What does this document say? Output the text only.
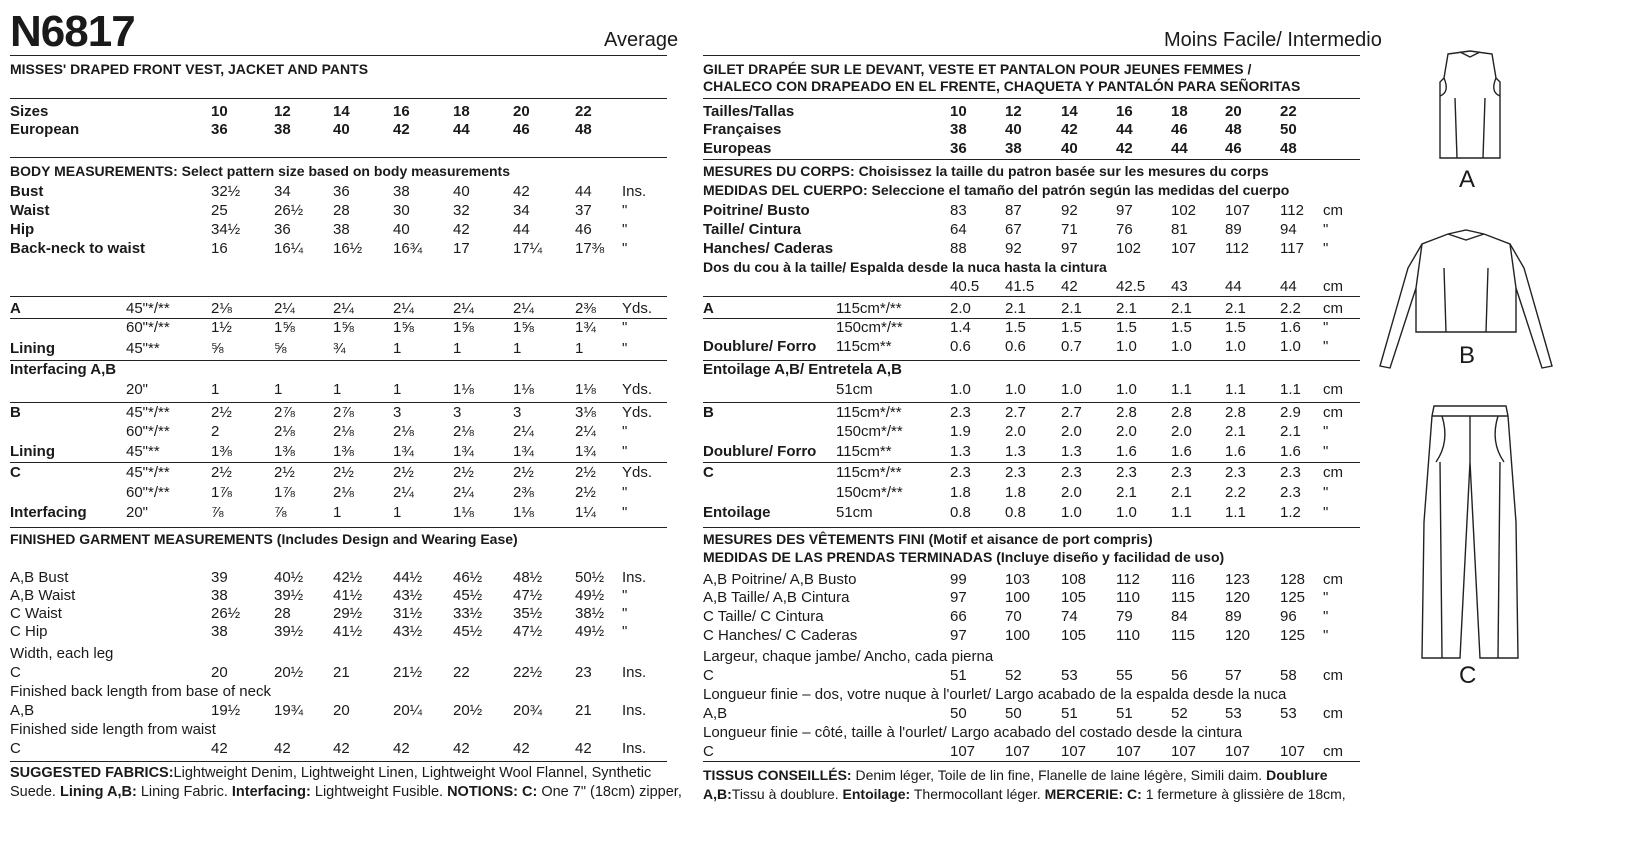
N6817	Average	Moins Facile/ Intermedio
MISSES' DRAPED FRONT VEST, JACKET AND PANTS
Sizes	10	12	14	16	18	20	22
European	36	38	40	42	44	46	48
BODY MEASUREMENTS: Select pattern size based on body measurements
Bust	32½ 34	36	38	40	42	44 Ins.
Waist	25	26½ 28	30	32	34	37 "
Hip	34½ 36	38	40	42	44	46 "
Back-neck to waist	16	16¼ 16½ 16¾ 17	17¼ 17⅜ "
A	45"*/**	2⅛	2¼	2¼	2¼	2¼	2¼	2⅜ Yds.
60"*/**	1½	1⅝	1⅝	1⅝	1⅝	1⅝	1¾ "
Lining	45"**	⅝	⅝	¾	1	1	1	1	"
Interfacing A,B
20"	1	1	1	1	1⅛	1⅛	1⅛ Yds.
B	45"*/**	2½	2⅞	2⅞	3	3	3	3⅛ Yds.
60"*/**	2	2⅛	2⅛	2⅛	2⅛	2¼	2¼ "
Lining	45"**	1⅜	1⅜	1⅜	1¾	1¾	1¾	1¾ "
C	45"*/**	2½	2½	2½	2½	2½	2½	2½ Yds.
60"*/**	1⅞	1⅞	2⅛	2¼	2¼	2⅜	2½ "
Interfacing	20"	⅞	⅞	1	1	1⅛	1⅛	1¼ "
FINISHED GARMENT MEASUREMENTS (Includes Design and Wearing Ease)
A,B Bust	39	40½ 42½ 44½ 46½ 48½ 50½ Ins.
A,B Waist	38	39½ 41½ 43½ 45½ 47½ 49½ "
C Waist	26½ 28	29½ 31½ 33½ 35½ 38½ "
C Hip	38	39½ 41½ 43½ 45½ 47½ 49½ "
Width, each leg
C	20	20½ 21	21½ 22	22½ 23 Ins.
Finished back length from base of neck
A,B	19½ 19¾ 20	20¼ 20½ 20¾ 21 Ins.
Finished side length from waist
C	42	42	42	42	42	42	42 Ins.
SUGGESTED FABRICS:Lightweight Denim, Lightweight Linen, Lightweight Wool Flannel, Synthetic
Suede. Lining A,B: Lining Fabric. Interfacing: Lightweight Fusible. NOTIONS: C: One 7" (18cm) zipper,
GILET DRAPÉE SUR LE DEVANT, VESTE ET PANTALON POUR JEUNES FEMMES /
CHALECO CON DRAPEADO EN EL FRENTE, CHAQUETA Y PANTALÓN PARA SEÑORITAS
Tailles/Tallas	10	12	14	16	18 20	22
Françaises	38	40	42	44	46 48	50
Europeas	36	38	40	42	44 46	48
MESURES DU CORPS: Choisissez la taille du patron basée sur les mesures du corps
MEDIDAS DEL CUERPO: Seleccione el tamaño del patrón según las medidas del cuerpo
Poitrine/ Busto	83	87	92	97	102 107 112 cm
Taille/ Cintura	64	67	71	76	81 89	94 "
Hanches/ Caderas	88	92	97	102 107 112 117 "
Dos du cou à la taille/ Espalda desde la nuca hasta la cintura
40.5 41.5 42	42.5 43 44	44 cm
A	115cm*/**	2.0 2.1 2.1 2.1 2.1 2.1 2.2 cm
150cm*/**	1.4 1.5 1.5 1.5 1.5 1.5 1.6 "
Doublure/ Forro 115cm**	0.6 0.6 0.7 1.0 1.0 1.0 1.0 "
Entoilage A,B/ Entretela A,B
51cm	1.0 1.0 1.0 1.0 1.1 1.1 1.1 cm
B	115cm*/**	2.3 2.7 2.7 2.8 2.8 2.8 2.9 cm
150cm*/**	1.9 2.0 2.0 2.0 2.0 2.1 2.1 "
Doublure/ Forro 115cm**	1.3 1.3 1.3 1.6 1.6 1.6 1.6 "
C	115cm*/**	2.3 2.3 2.3 2.3 2.3 2.3 2.3 cm
150cm*/**	1.8 1.8 2.0 2.1 2.1 2.2 2.3 "
Entoilage	51cm	0.8 0.8 1.0 1.0 1.1 1.1 1.2 "
MESURES DES VÊTEMENTS FINI (Motif et aisance de port compris)
MEDIDAS DE LAS PRENDAS TERMINADAS (Incluye diseño y facilidad de uso)
A,B Poitrine/ A,B Busto	99	103 108 112 116 123 128 cm
A,B Taille/ A,B Cintura	97	100 105 110 115 120 125 "
C Taille/ C Cintura	66	70	74	79	84 89	96 "
C Hanches/ C Caderas	97	100 105 110 115 120 125 "
Largeur, chaque jambe/ Ancho, cada pierna
C	51	52	53	55	56 57	58 cm
Longueur finie – dos, votre nuque à l'ourlet/ Largo acabado de la espalda desde la nuca
A,B	50	50	51	51	52 53	53 cm
Longueur finie – côté, taille à l'ourlet/ Largo acabado del costado desde la cintura
C	107 107 107 107 107 107 107 cm
TISSUS CONSEILLÉS: Denim léger, Toile de lin fine, Flanelle de laine légère, Simili daim. Doublure
A,B:Tissu à doublure. Entoilage: Thermocollant léger. MERCERIE: C: 1 fermeture à glissière de 18cm,
A
B
C
